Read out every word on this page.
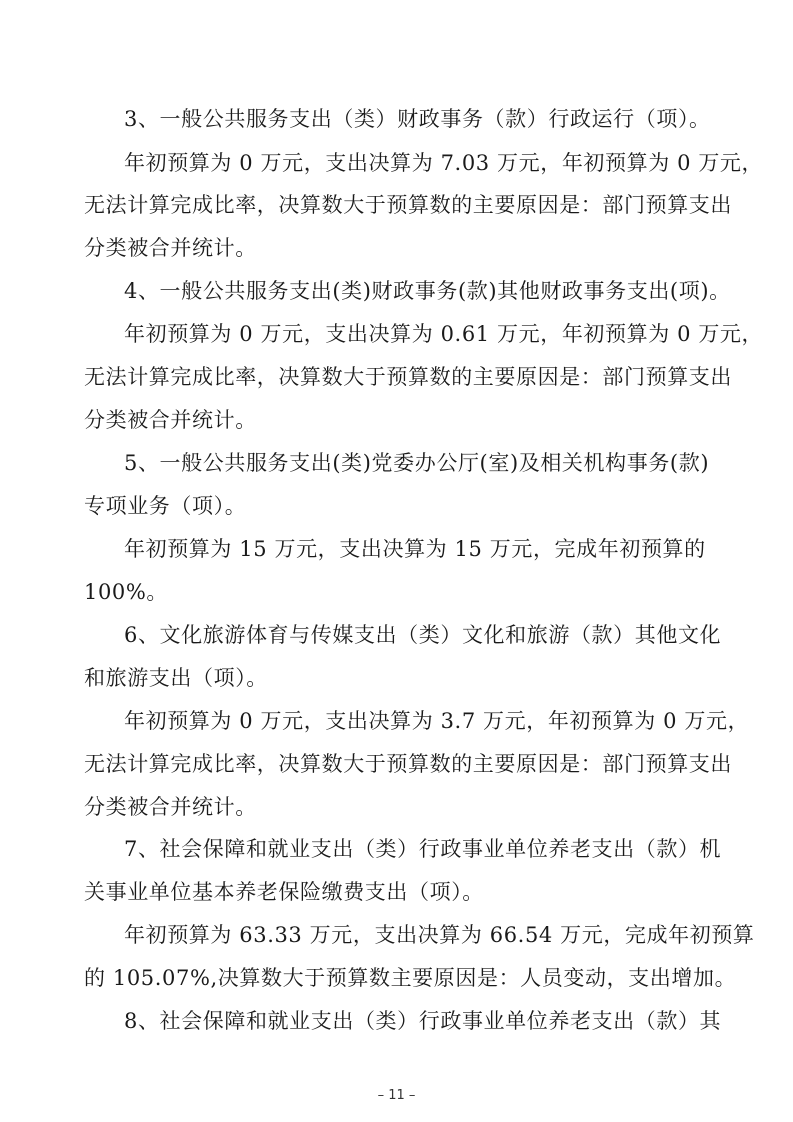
3、一般公共服务支出（类）财政事务（款）行政运行（项）。
年初预算为 0 万元，支出决算为 7.03 万元，年初预算为 0 万元，
无法计算完成比率，决算数大于预算数的主要原因是：部门预算支出
分类被合并统计。
4、一般公共服务支出(类)财政事务(款)其他财政事务支出(项)。
年初预算为 0 万元，支出决算为 0.61 万元，年初预算为 0 万元，
无法计算完成比率，决算数大于预算数的主要原因是：部门预算支出
分类被合并统计。
5、一般公共服务支出(类)党委办公厅(室)及相关机构事务(款)
专项业务（项）。
年初预算为 15 万元，支出决算为 15 万元，完成年初预算的
100%。
6、文化旅游体育与传媒支出（类）文化和旅游（款）其他文化
和旅游支出（项）。
年初预算为 0 万元，支出决算为 3.7 万元，年初预算为 0 万元，
无法计算完成比率，决算数大于预算数的主要原因是：部门预算支出
分类被合并统计。
7、社会保障和就业支出（类）行政事业单位养老支出（款）机
关事业单位基本养老保险缴费支出（项）。
年初预算为 63.33 万元，支出决算为 66.54 万元，完成年初预算
的 105.07%,决算数大于预算数主要原因是：人员变动，支出增加。
8、社会保障和就业支出（类）行政事业单位养老支出（款）其
– 11 –
